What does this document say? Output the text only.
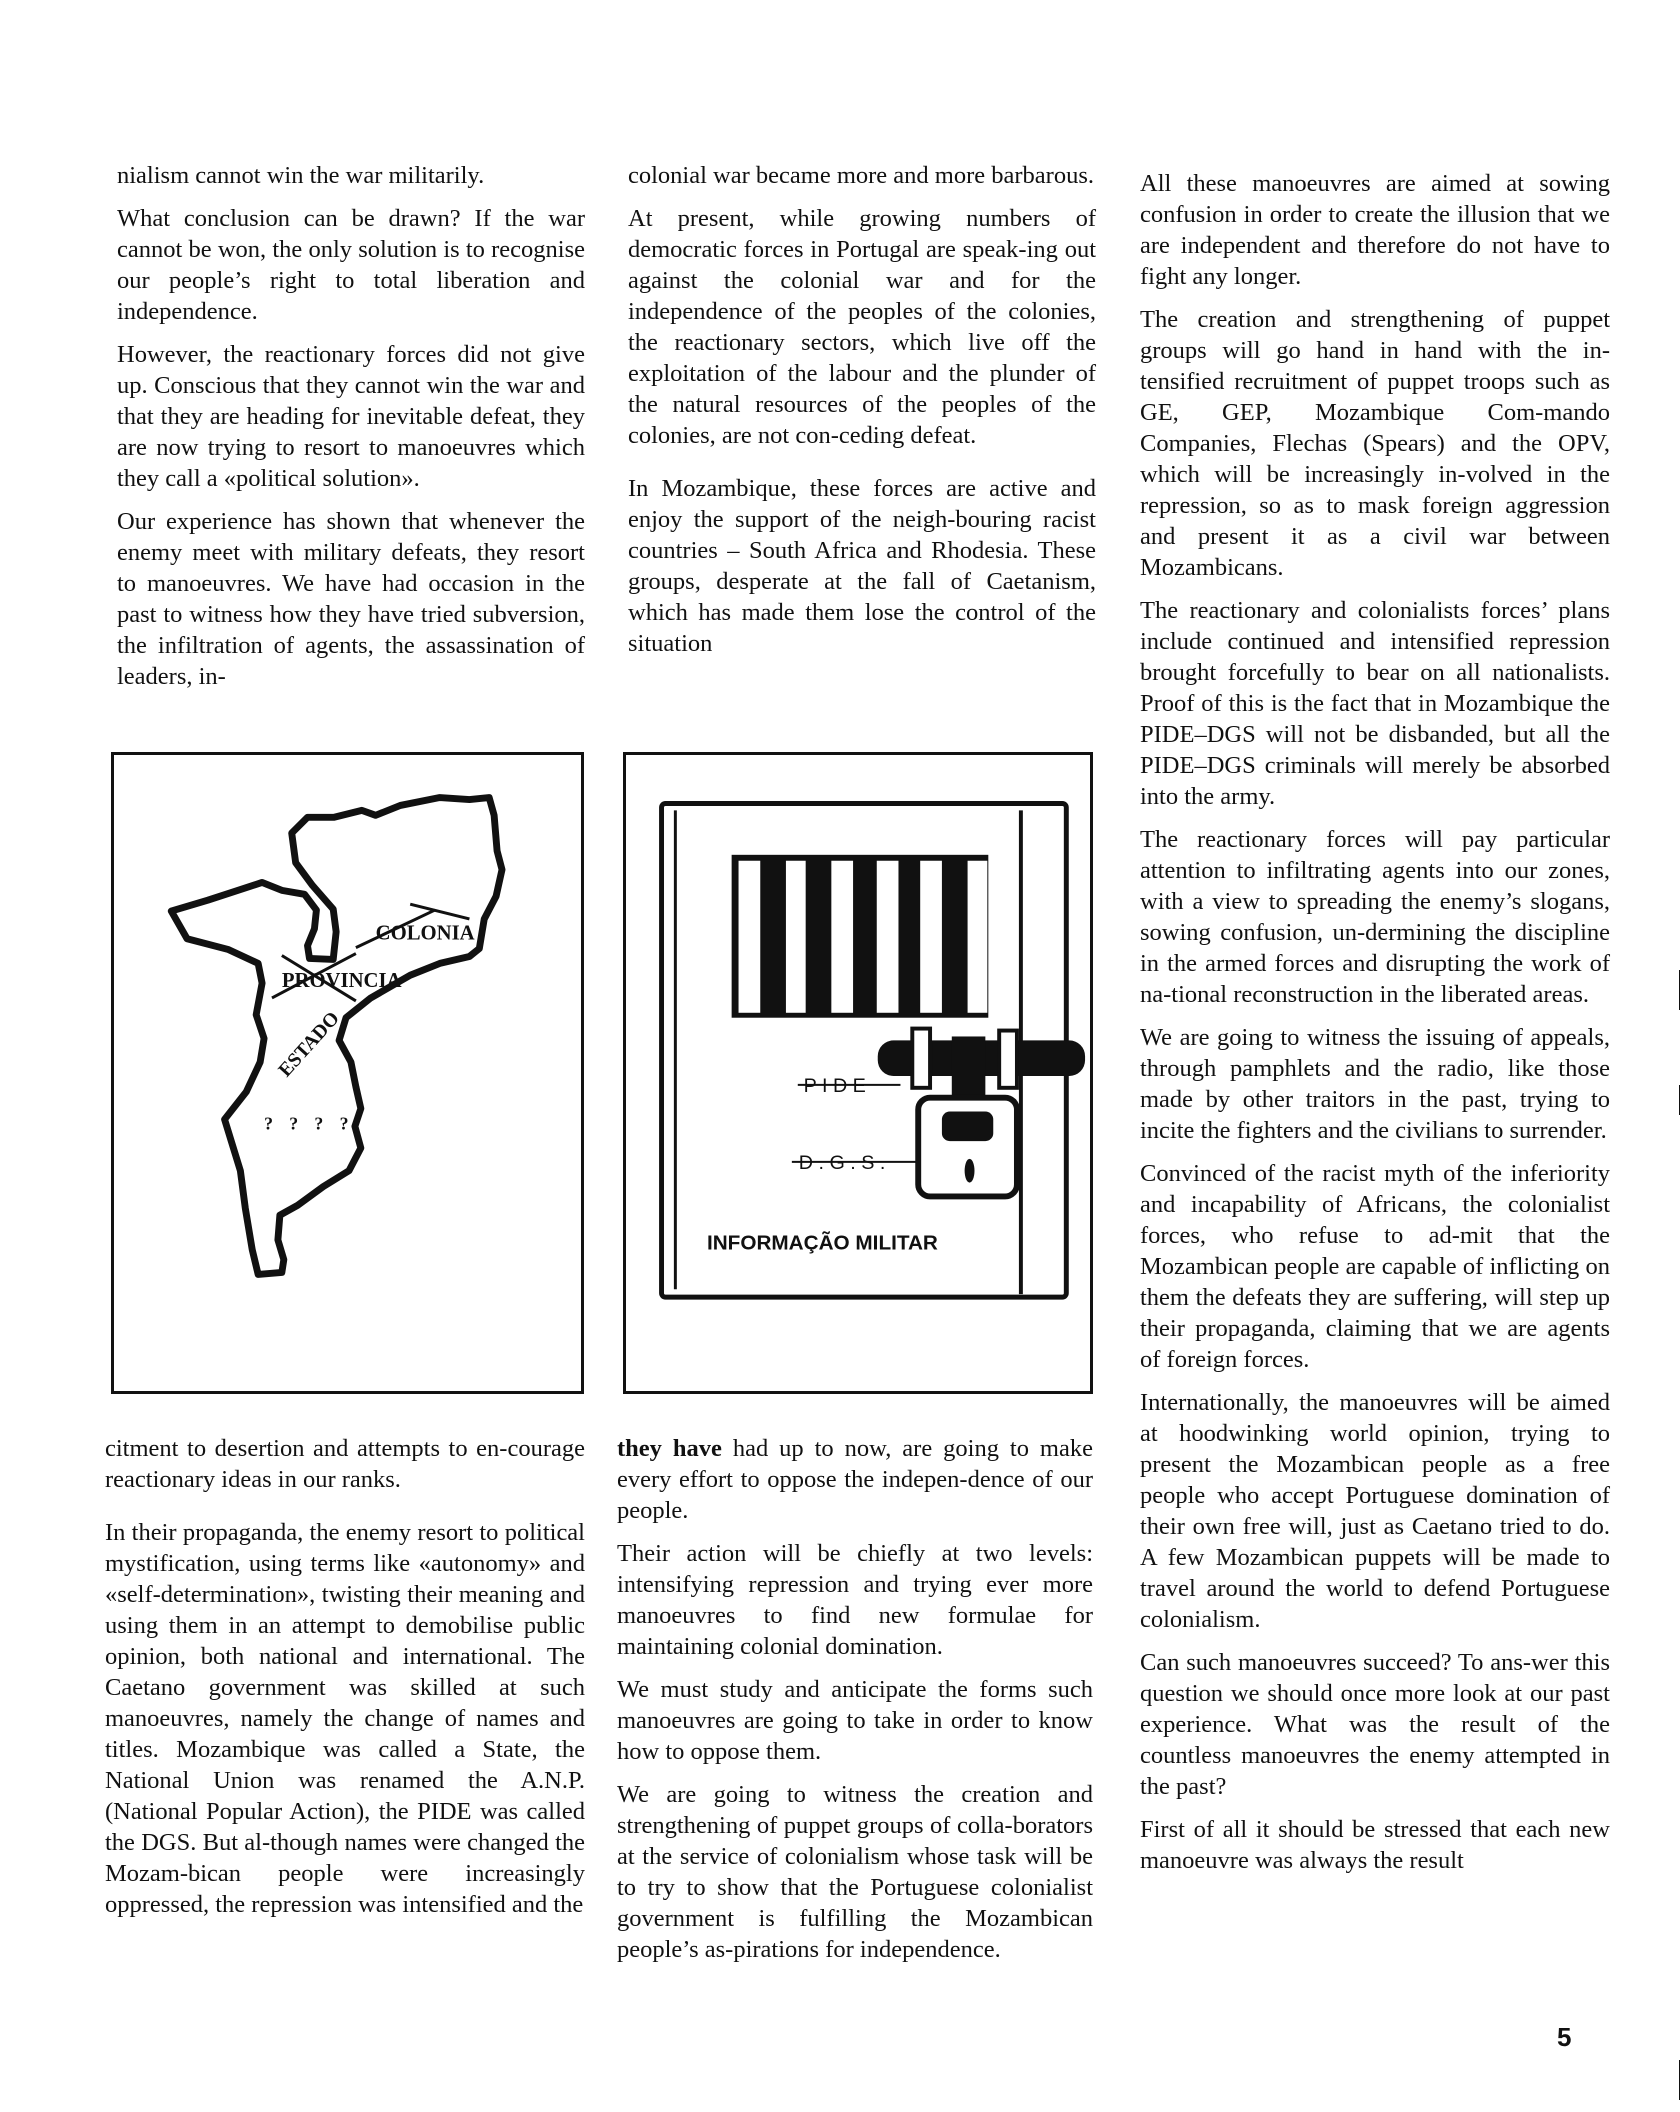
nialism cannot win the war militarily.

What conclusion can be drawn? If the war cannot be won, the only solution is to recognise our people’s right to total liberation and independence.

However, the reactionary forces did not give up. Conscious that they cannot win the war and that they are heading for inevitable defeat, they are now trying to resort to manoeuvres which they call a «political solution».

Our experience has shown that whenever the enemy meet with military defeats, they resort to manoeuvres. We have had occasion in the past to witness how they have tried subversion, the infiltration of agents, the assassination of leaders, in-

colonial war became more and more barbarous.

At present, while growing numbers of democratic forces in Portugal are speak-ing out against the colonial war and for the independence of the peoples of the colonies, the reactionary sectors, which live off the exploitation of the labour and the plunder of the natural resources of the peoples of the colonies, are not con-ceding defeat.

In Mozambique, these forces are active and enjoy the support of the neigh-bouring racist countries – South Africa and Rhodesia. These groups, desperate at the fall of Caetanism, which has made them lose the control of the situation

COLONIA
PROVINCIA
ESTADO
? ? ? ?
P I D E
D . G . S .
INFORMAÇÃO MILITAR

citment to desertion and attempts to en-courage reactionary ideas in our ranks.

In their propaganda, the enemy resort to political mystification, using terms like «autonomy» and «self-determination», twisting their meaning and using them in an attempt to demobilise public opinion, both national and international. The Caetano government was skilled at such manoeuvres, namely the change of names and titles. Mozambique was called a State, the National Union was renamed the A.N.P. (National Popular Action), the PIDE was called the DGS. But al-though names were changed the Mozam-bican people were increasingly oppressed, the repression was intensified and the

they have had up to now, are going to make every effort to oppose the indepen-dence of our people.

Their action will be chiefly at two levels: intensifying repression and trying ever more manoeuvres to find new formulae for maintaining colonial domination.

We must study and anticipate the forms such manoeuvres are going to take in order to know how to oppose them.

We are going to witness the creation and strengthening of puppet groups of colla-borators at the service of colonialism whose task will be to try to show that the Portuguese colonialist government is fulfilling the Mozambican people’s as-pirations for independence.

All these manoeuvres are aimed at sowing confusion in order to create the illusion that we are independent and therefore do not have to fight any longer.

The creation and strengthening of puppet groups will go hand in hand with the in-tensified recruitment of puppet troops such as GE, GEP, Mozambique Com-mando Companies, Flechas (Spears) and the OPV, which will be increasingly in-volved in the repression, so as to mask foreign aggression and present it as a civil war between Mozambicans.

The reactionary and colonialists forces’ plans include continued and intensified repression brought forcefully to bear on all nationalists. Proof of this is the fact that in Mozambique the PIDE–DGS will not be disbanded, but all the PIDE–DGS criminals will merely be absorbed into the army.

The reactionary forces will pay particular attention to infiltrating agents into our zones, with a view to spreading the enemy’s slogans, sowing confusion, un-dermining the discipline in the armed forces and disrupting the work of na-tional reconstruction in the liberated areas.

We are going to witness the issuing of appeals, through pamphlets and the radio, like those made by other traitors in the past, trying to incite the fighters and the civilians to surrender.

Convinced of the racist myth of the inferiority and incapability of Africans, the colonialist forces, who refuse to ad-mit that the Mozambican people are capable of inflicting on them the defeats they are suffering, will step up their propaganda, claiming that we are agents of foreign forces.

Internationally, the manoeuvres will be aimed at hoodwinking world opinion, trying to present the Mozambican people as a free people who accept Portuguese domination of their own free will, just as Caetano tried to do. A few Mozambican puppets will be made to travel around the world to defend Portuguese colonialism.

Can such manoeuvres succeed? To ans-wer this question we should once more look at our past experience. What was the result of the countless manoeuvres the enemy attempted in the past?

First of all it should be stressed that each new manoeuvre was always the result

5
